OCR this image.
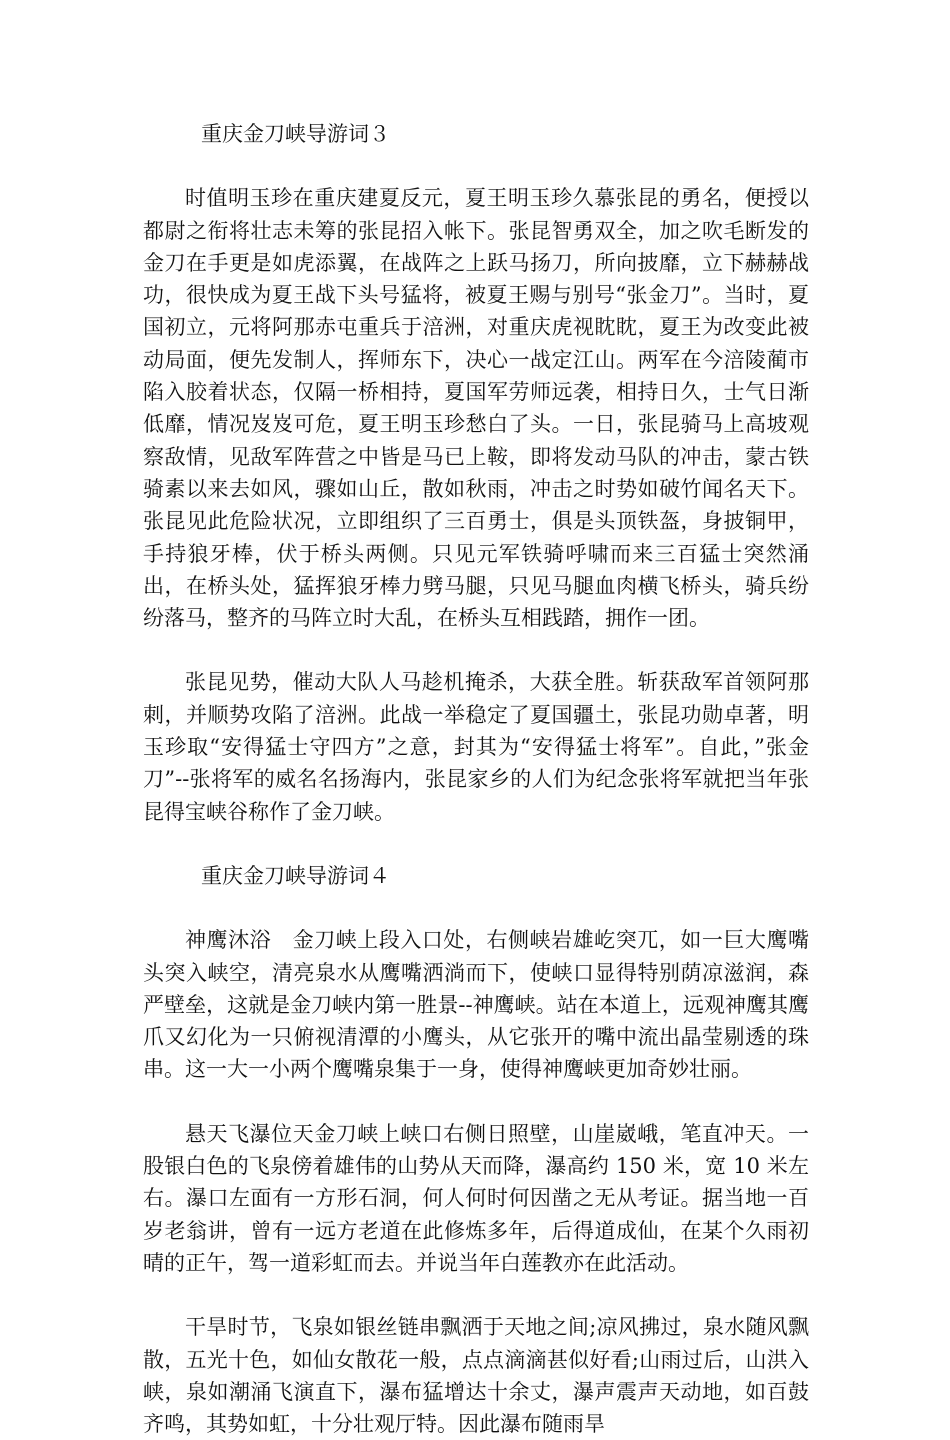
重庆金刀峡导游词３

时值明玉珍在重庆建夏反元，夏王明玉珍久慕张昆的勇名，便授以都尉之衔将壮志未筹的张昆招入帐下。张昆智勇双全，加之吹毛断发的金刀在手更是如虎添翼，在战阵之上跃马扬刀，所向披靡，立下赫赫战功，很快成为夏王战下头号猛将，被夏王赐与别号“张金刀”。当时，夏国初立，元将阿那赤屯重兵于涪洲，对重庆虎视眈眈，夏王为改变此被动局面，便先发制人，挥师东下，决心一战定江山。两军在今涪陵蔺市陷入胶着状态，仅隔一桥相持，夏国军劳师远袭，相持日久，士气日渐低靡，情况岌岌可危，夏王明玉珍愁白了头。一日，张昆骑马上高坡观察敌情，见敌军阵营之中皆是马已上鞍，即将发动马队的冲击，蒙古铁骑素以来去如风，骤如山丘，散如秋雨，冲击之时势如破竹闻名天下。张昆见此危险状况，立即组织了三百勇士，俱是头顶铁盔，身披铜甲，手持狼牙棒，伏于桥头两侧。只见元军铁骑呼啸而来三百猛士突然涌出，在桥头处，猛挥狼牙棒力劈马腿，只见马腿血肉横飞桥头，骑兵纷纷落马，整齐的马阵立时大乱，在桥头互相践踏，拥作一团。

张昆见势，催动大队人马趁机掩杀，大获全胜。斩获敌军首领阿那刺，并顺势攻陷了涪洲。此战一举稳定了夏国疆土，张昆功勋卓著，明玉珍取“安得猛士守四方”之意，封其为“安得猛士将军”。自此，”张金刀”--张将军的威名名扬海内，张昆家乡的人们为纪念张将军就把当年张昆得宝峡谷称作了金刀峡。

重庆金刀峡导游词４

神鹰沐浴　金刀峡上段入口处，右侧峡岩雄屹突兀，如一巨大鹰嘴头突入峡空，清亮泉水从鹰嘴洒淌而下，使峡口显得特别荫凉滋润，森严壁垒，这就是金刀峡内第一胜景--神鹰峡。站在本道上，远观神鹰其鹰爪又幻化为一只俯视清潭的小鹰头，从它张开的嘴中流出晶莹剔透的珠串。这一大一小两个鹰嘴泉集于一身，使得神鹰峡更加奇妙壮丽。

悬天飞瀑位天金刀峡上峡口右侧日照壁，山崖崴峨，笔直冲天。一股银白色的飞泉傍着雄伟的山势从天而降，瀑高约 150 米，宽 10 米左右。瀑口左面有一方形石洞，何人何时何因凿之无从考证。据当地一百岁老翁讲，曾有一远方老道在此修炼多年，后得道成仙，在某个久雨初晴的正午，驾一道彩虹而去。并说当年白莲教亦在此活动。

干旱时节，飞泉如银丝链串飘洒于天地之间;凉风拂过，泉水随风飘散，五光十色，如仙女散花一般，点点滴滴甚似好看;山雨过后，山洪入峡，泉如潮涌飞演直下，瀑布猛增达十余丈，瀑声震声天动地，如百鼓齐鸣，其势如虹，十分壮观厅特。因此瀑布随雨旱
